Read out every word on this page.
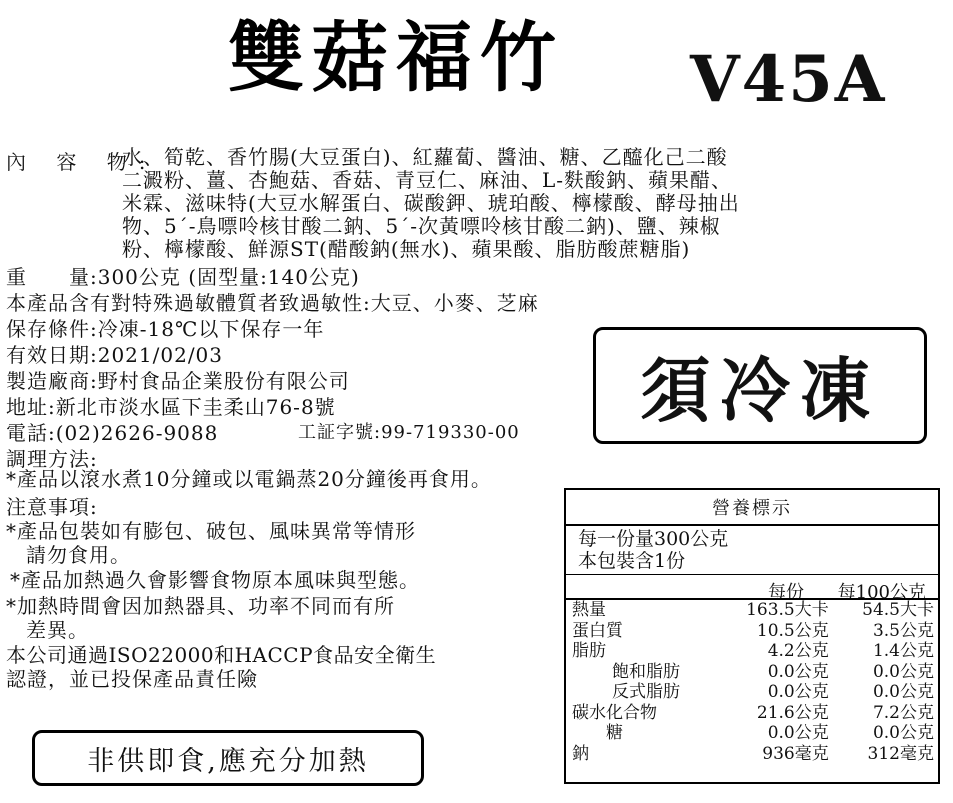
雙菇福竹 V45A
內 容 物:
水、筍乾、香竹腸(大豆蛋白)、紅蘿蔔、醬油、糖、乙醯化己二酸
二澱粉、薑、杏鮑菇、香菇、青豆仁、麻油、L-麩酸鈉、蘋果醋、
米霖、滋味特(大豆水解蛋白、碳酸鉀、琥珀酸、檸檬酸、酵母抽出
物、5ˊ-鳥嘌呤核甘酸二鈉、5ˊ-次黃嘌呤核甘酸二鈉)、鹽、辣椒
粉、檸檬酸、鮮源ST(醋酸鈉(無水)、蘋果酸、脂肪酸蔗糖脂)
重　　量:300公克 (固型量:140公克)
本產品含有對特殊過敏體質者致過敏性:大豆、小麥、芝麻
保存條件:冷凍-18℃以下保存一年
有效日期:2021/02/03
製造廠商:野村食品企業股份有限公司
地址:新北市淡水區下圭柔山76-8號
電話:(02)2626-9088	工証字號:99-719330-00
調理方法:
*產品以滾水煮10分鐘或以電鍋蒸20分鐘後再食用。
注意事項:
*產品包裝如有膨包、破包、風味異常等情形
請勿食用。
*產品加熱過久會影響食物原本風味與型態。
*加熱時間會因加熱器具、功率不同而有所
差異。
本公司通過ISO22000和HACCP食品安全衛生
認證，並已投保產品責任險
須冷凍
非供即食,應充分加熱
營養標示
每一份量300公克
本包裝含1份
每份	每100公克
熱量	163.5大卡	54.5大卡
蛋白質	10.5公克	3.5公克
脂肪	4.2公克	1.4公克
飽和脂肪	0.0公克	0.0公克
反式脂肪	0.0公克	0.0公克
碳水化合物	21.6公克	7.2公克
糖	0.0公克	0.0公克
鈉	936毫克	312毫克
